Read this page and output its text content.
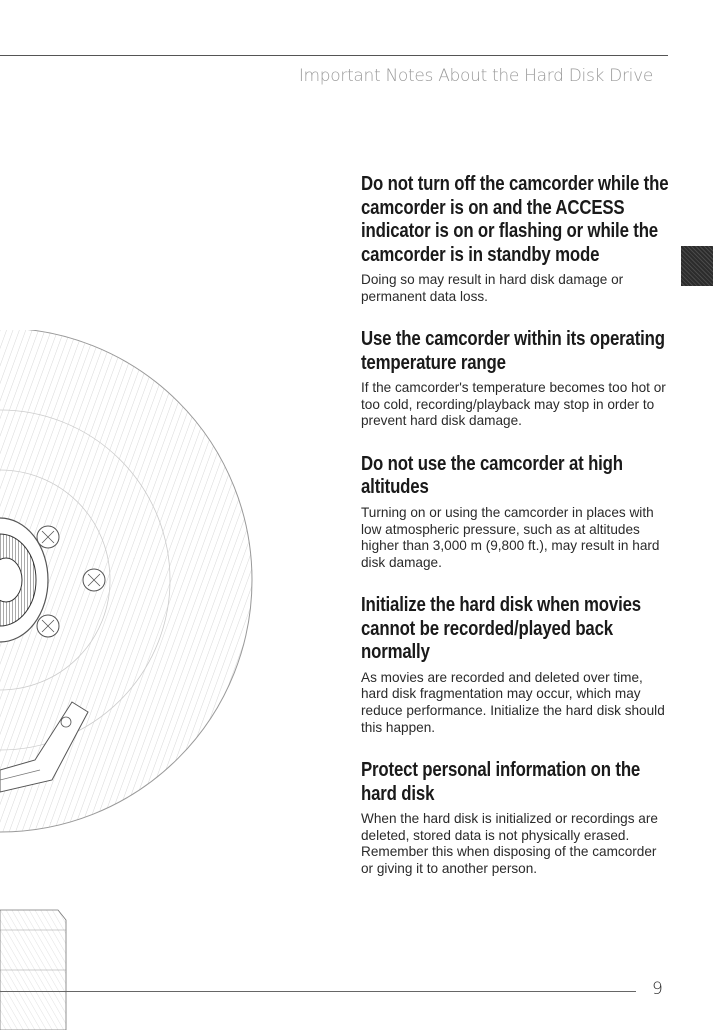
Important Notes About the Hard Disk Drive
Do not turn off the camcorder while the camcorder is on and the ACCESS indicator is on or flashing or while the camcorder is in standby mode

Doing so may result in hard disk damage or permanent data loss.

Use the camcorder within its operating temperature range

If the camcorder's temperature becomes too hot or too cold, recording/playback may stop in order to prevent hard disk damage.

Do not use the camcorder at high altitudes

Turning on or using the camcorder in places with low atmospheric pressure, such as at altitudes higher than 3,000 m (9,800 ft.), may result in hard disk damage.

Initialize the hard disk when movies cannot be recorded/played back normally

As movies are recorded and deleted over time, hard disk fragmentation may occur, which may reduce performance. Initialize the hard disk should this happen.

Protect personal information on the hard disk

When the hard disk is initialized or recordings are deleted, stored data is not physically erased. Remember this when disposing of the camcorder or giving it to another person.

9
